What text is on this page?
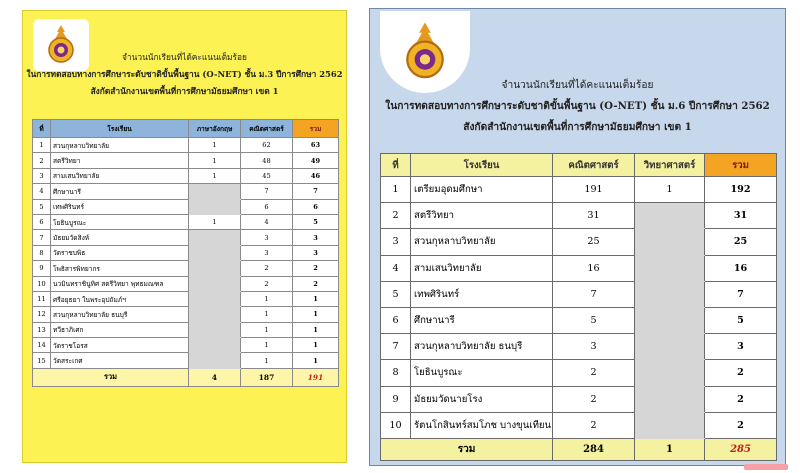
จำนวนนักเรียนที่ได้คะแนนเต็มร้อย
ในการทดสอบทางการศึกษาระดับชาติขั้นพื้นฐาน (O-NET) ชั้น ม.3 ปีการศึกษา 2562
สังกัดสำนักงานเขตพื้นที่การศึกษามัธยมศึกษา เขต 1
ที่	โรงเรียน	ภาษาอังกฤษ	คณิตศาสตร์	รวม
1	สวนกุหลาบวิทยาลัย	1	62	63
2	สตรีวิทยา	1	48	49
3	สามเสนวิทยาลัย	1	45	46
4	ศึกษานารี		7	7
5	เทพศิรินทร์		6	6
6	โยธินบูรณะ	1	4	5
7	มัธยมวัดสิงห์		3	3
8	วัดราชบพิธ		3	3
9	โพธิสารพิทยากร		2	2
10	นวมินทราชินูทิศ สตรีวิทยา พุทธมณฑล		2	2
11	ศรีอยุธยา ในพระอุปถัมภ์ฯ		1	1
12	สวนกุหลาบวิทยาลัย ธนบุรี		1	1
13	ทวีธาภิเศก		1	1
14	วัดราชโอรส		1	1
15	วัดสระเกศ		1	1
รวม		4	187	191
จำนวนนักเรียนที่ได้คะแนนเต็มร้อย
ในการทดสอบทางการศึกษาระดับชาติขั้นพื้นฐาน (O-NET) ชั้น ม.6 ปีการศึกษา 2562
สังกัดสำนักงานเขตพื้นที่การศึกษามัธยมศึกษา เขต 1
ที่	โรงเรียน	คณิตศาสตร์	วิทยาศาสตร์	รวม
1	เตรียมอุดมศึกษา	191	1	192
2	สตรีวิทยา	31		31
3	สวนกุหลาบวิทยาลัย	25		25
4	สามเสนวิทยาลัย	16		16
5	เทพศิรินทร์	7		7
6	ศึกษานารี	5		5
7	สวนกุหลาบวิทยาลัย ธนบุรี	3		3
8	โยธินบูรณะ	2		2
9	มัธยมวัดนายโรง	2		2
10	รัตนโกสินทร์สมโภช บางขุนเทียน	2		2
รวม		284	1	285
